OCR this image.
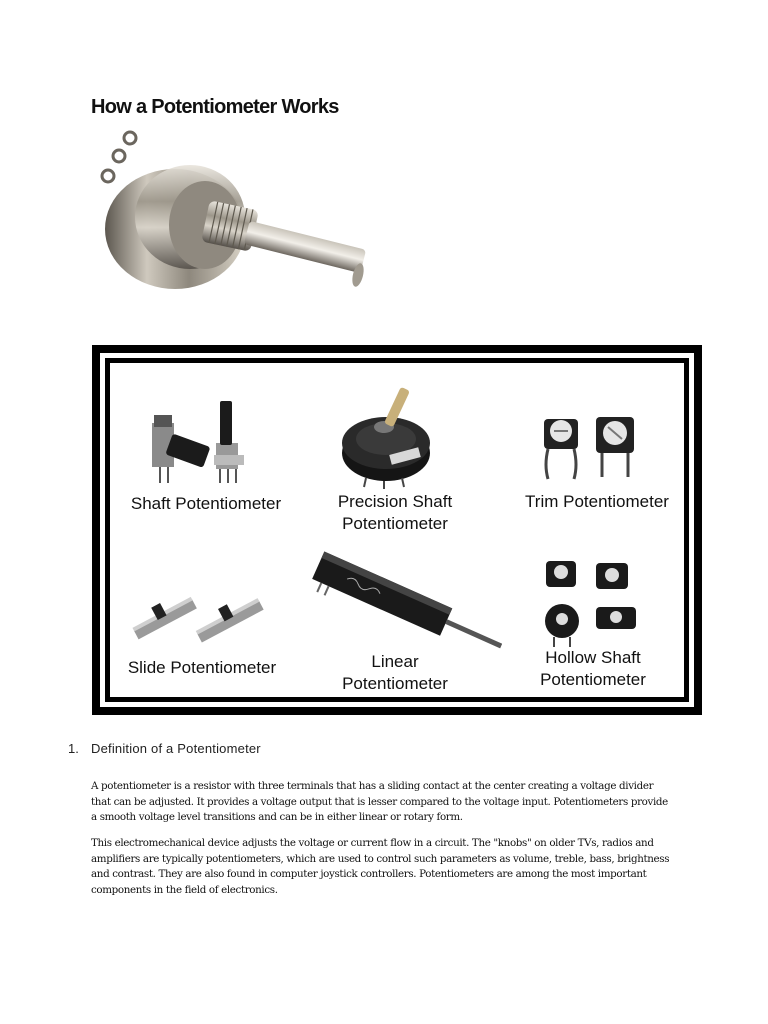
How a Potentiometer Works
Shaft Potentiometer	Precision Shaft
Potentiometer
Trim Potentiometer
Slide Potentiometer	Linear
Potentiometer
Hollow Shaft
Potentiometer
1. Definition of a Potentiometer
A potentiometer is a resistor with three terminals that has a sliding contact at the center creating a voltage divider
that can be adjusted. It provides a voltage output that is lesser compared to the voltage input. Potentiometers provide
a smooth voltage level transitions and can be in either linear or rotary form.
This electromechanical device adjusts the voltage or current flow in a circuit. The "knobs" on older TVs, radios and
amplifiers are typically potentiometers, which are used to control such parameters as volume, treble, bass, brightness
and contrast. They are also found in computer joystick controllers. Potentiometers are among the most important
components in the field of electronics.
